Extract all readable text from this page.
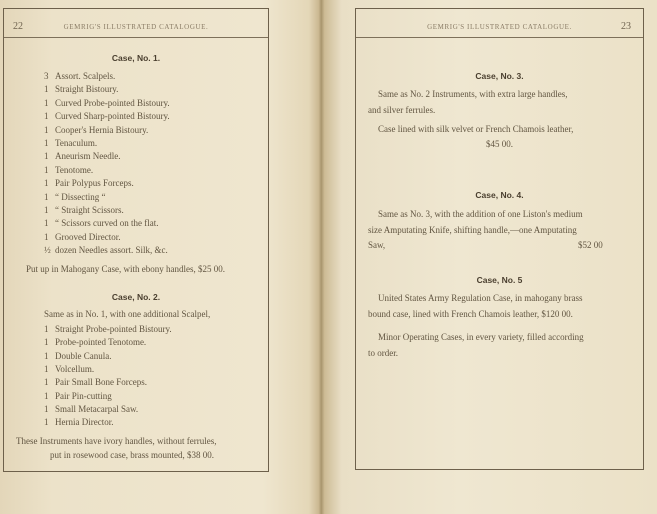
22	GEMRIG'S ILLUSTRATED CATALOGUE.
Case, No. 1.
3 Assort. Scalpels.
1 Straight Bistoury.
1 Curved Probe-pointed Bistoury.
1 Curved Sharp-pointed Bistoury.
1 Cooper's Hernia Bistoury.
1 Tenaculum.
1 Aneurism Needle.
1 Tenotome.
1 Pair Polypus Forceps.
1 “ Dissecting “
1 “ Straight Scissors.
1 “ Scissors curved on the flat.
1 Grooved Director.
½ dozen Needles assort. Silk, &c.
Put up in Mahogany Case, with ebony handles, $25 00.
Case, No. 2.
Same as in No. 1, with one additional Scalpel,
1 Straight Probe-pointed Bistoury.
1 Probe-pointed Tenotome.
1 Double Canula.
1 Volcellum.
1 Pair Small Bone Forceps.
1 Pair Pin-cutting
1 Small Metacarpal Saw.
1 Hernia Director.
These Instruments have ivory handles, without ferrules,
put in rosewood case, brass mounted, $38 00.
GEMRIG'S ILLUSTRATED CATALOGUE.	23
Case, No. 3.
Same as No. 2 Instruments, with extra large handles,
and silver ferrules.
Case lined with silk velvet or French Chamois leather,
$45 00.
Case, No. 4.
Same as No. 3, with the addition of one Liston's medium
size Amputating Knife, shifting handle,—one Amputating
Saw,	$52 00
Case, No. 5
United States Army Regulation Case, in mahogany brass
bound case, lined with French Chamois leather, $120 00.
Minor Operating Cases, in every variety, filled according
to order.
